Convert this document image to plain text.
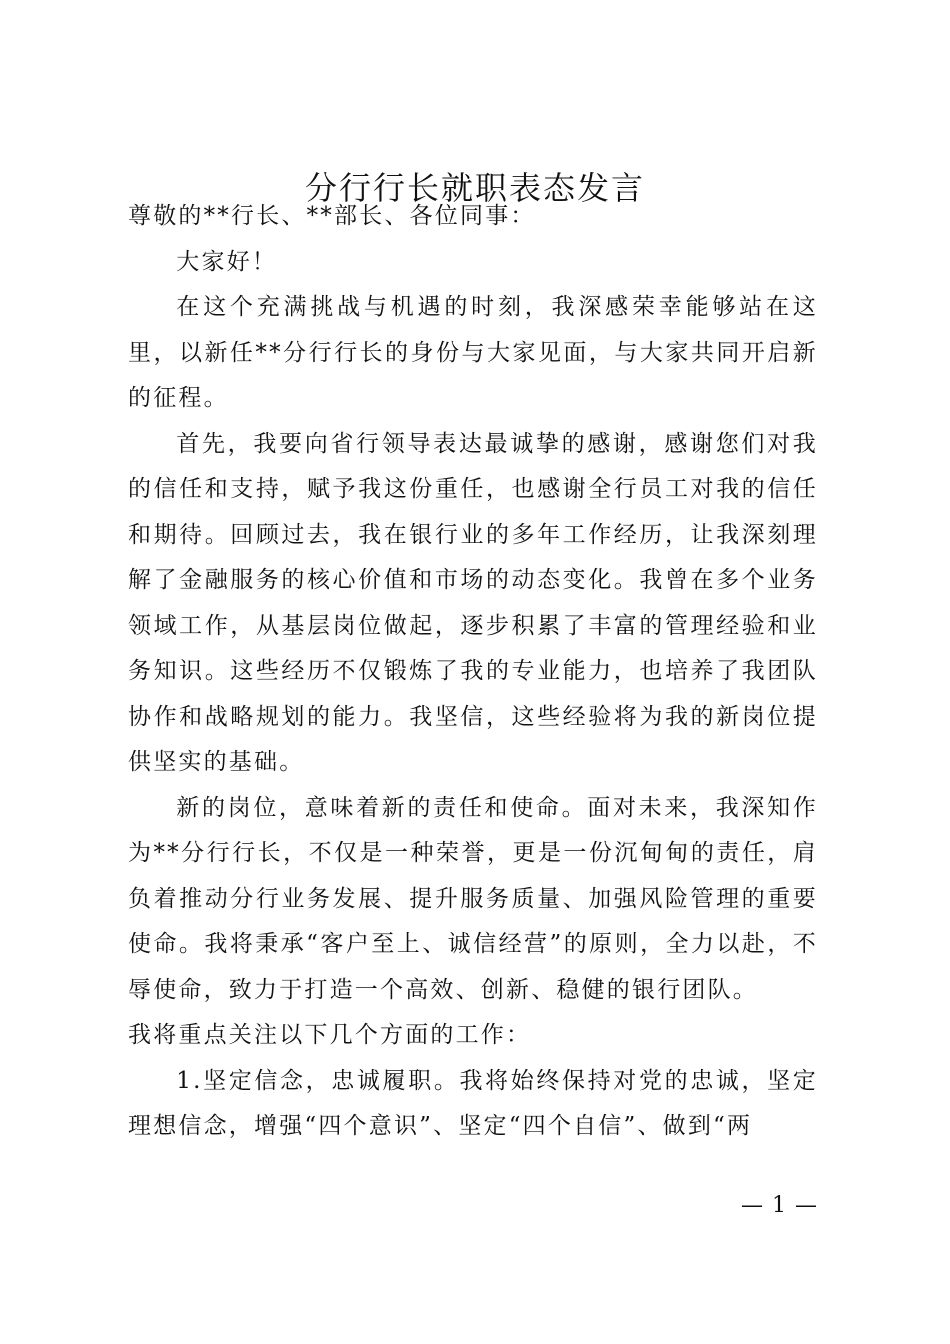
分行行长就职表态发言

尊敬的**行长、**部长、各位同事：

大家好！

在这个充满挑战与机遇的时刻，我深感荣幸能够站在这里，以新任**分行行长的身份与大家见面，与大家共同开启新的征程。

首先，我要向省行领导表达最诚挚的感谢，感谢您们对我的信任和支持，赋予我这份重任，也感谢全行员工对我的信任和期待。回顾过去，我在银行业的多年工作经历，让我深刻理解了金融服务的核心价值和市场的动态变化。我曾在多个业务领域工作，从基层岗位做起，逐步积累了丰富的管理经验和业务知识。这些经历不仅锻炼了我的专业能力，也培养了我团队协作和战略规划的能力。我坚信，这些经验将为我的新岗位提供坚实的基础。

新的岗位，意味着新的责任和使命。面对未来，我深知作为**分行行长，不仅是一种荣誉，更是一份沉甸甸的责任，肩负着推动分行业务发展、提升服务质量、加强风险管理的重要使命。我将秉承“客户至上、诚信经营”的原则，全力以赴，不辱使命，致力于打造一个高效、创新、稳健的银行团队。

我将重点关注以下几个方面的工作：

1.坚定信念，忠诚履职。我将始终保持对党的忠诚，坚定理想信念，增强“四个意识”、坚定“四个自信”、做到“两

— 1 —
